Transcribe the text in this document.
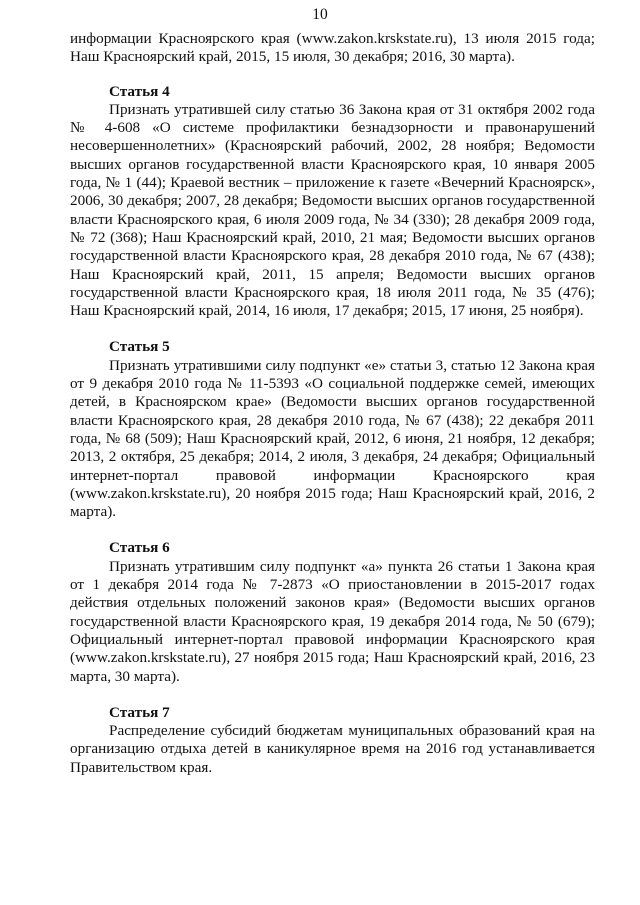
10

информации Красноярского края (www.zakon.krskstate.ru), 13 июля 2015 года; Наш Красноярский край, 2015, 15 июля, 30 декабря; 2016, 30 марта).

Статья 4

Признать утратившей силу статью 36 Закона края от 31 октября 2002 года № 4-608 «О системе профилактики безнадзорности и правонарушений несовершеннолетних» (Красноярский рабочий, 2002, 28 ноября; Ведомости высших органов государственной власти Красноярского края, 10 января 2005 года, № 1 (44); Краевой вестник – приложение к газете «Вечерний Красноярск», 2006, 30 декабря; 2007, 28 декабря; Ведомости высших органов государственной власти Красноярского края, 6 июля 2009 года, № 34 (330); 28 декабря 2009 года, № 72 (368); Наш Красноярский край, 2010, 21 мая; Ведомости высших органов государственной власти Красноярского края, 28 декабря 2010 года, № 67 (438); Наш Красноярский край, 2011, 15 апреля; Ведомости высших органов государственной власти Красноярского края, 18 июля 2011 года, № 35 (476); Наш Красноярский край, 2014, 16 июля, 17 декабря; 2015, 17 июня, 25 ноября).

Статья 5

Признать утратившими силу подпункт «е» статьи 3, статью 12 Закона края от 9 декабря 2010 года № 11-5393 «О социальной поддержке семей, имеющих детей, в Красноярском крае» (Ведомости высших органов государственной власти Красноярского края, 28 декабря 2010 года, № 67 (438); 22 декабря 2011 года, № 68 (509); Наш Красноярский край, 2012, 6 июня, 21 ноября, 12 декабря; 2013, 2 октября, 25 декабря; 2014, 2 июля, 3 декабря, 24 декабря; Официальный интернет-портал правовой информации Красноярского края (www.zakon.krskstate.ru), 20 ноября 2015 года; Наш Красноярский край, 2016, 2 марта).

Статья 6

Признать утратившим силу подпункт «а» пункта 26 статьи 1 Закона края от 1 декабря 2014 года № 7-2873 «О приостановлении в 2015-2017 годах действия отдельных положений законов края» (Ведомости высших органов государственной власти Красноярского края, 19 декабря 2014 года, № 50 (679); Официальный интернет-портал правовой информации Красноярского края (www.zakon.krskstate.ru), 27 ноября 2015 года; Наш Красноярский край, 2016, 23 марта, 30 марта).

Статья 7

Распределение субсидий бюджетам муниципальных образований края на организацию отдыха детей в каникулярное время на 2016 год устанавливается Правительством края.
